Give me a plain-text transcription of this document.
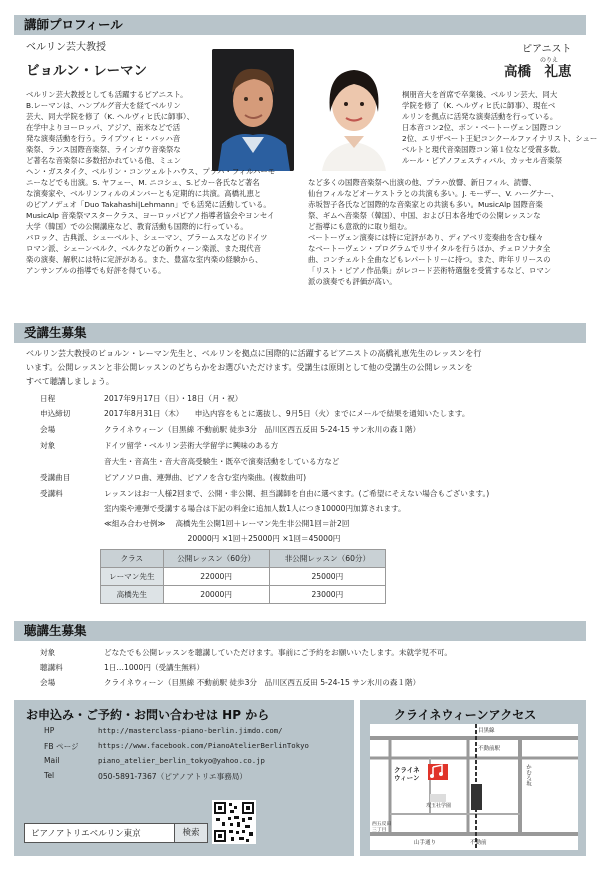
講師プロフィール
ベルリン芸大教授
ビョルン・レーマン
ベルリン芸大教授としても活躍するピアニスト。
B.レーマンは、ハンブルグ音大を経てベルリン
芸大、同大学院を修了（K. ヘルヴィヒ氏に師事）、
在学中よりヨーロッパ、アジア、南米などで活
発な演奏活動を行う。ライプツィヒ・バッハ音
楽祭、ランス国際音楽祭、ラインガウ音楽祭な
ど著名な音楽祭に多数招かれている他、ミュン
ヘン・ガスタイク、ベルリン・コンツェルトハウス、プラハ・フィルハーモ
ニーなどでも出演。S. ヤフェー、M. ニコシュ、S.ピカー各氏など著名
な演奏家や、ベルリンフィルのメンバーとも定期的に共演。高橋礼恵と
のピアノデュオ「Duo Takahashi|Lehmann」でも活発に活動している。
MusicAlp 音楽祭マスタークラス、ヨーロッパピアノ指導者協会やヨンセイ
大学（韓国）での公開講座など、教育活動も国際的に行っている。
バロック、古典派、シューベルト、シューマン、ブラームスなどのドイツ
ロマン派、シェーンベルク、ベルクなどの新ウィーン楽派、また現代音
楽の演奏、解釈には特に定評がある。また、豊富な室内楽の経験から、
アンサンブルの指導でも好評を得ている。
ピアニスト
のりえ
高橋　礼恵
桐朋音大を首席で卒業後、ベルリン芸大、同大
学院を修了（K. ヘルヴィヒ氏に師事）、現在ベ
ルリンを拠点に活発な演奏活動を行っている。
日本音コン2位、ボン・ベートーヴェン国際コン
2位、エリザベート王妃コンクールファイナリスト、シュー
ベルトと現代音楽国際コン第１位など受賞多数。
ルール・ピアノフェスティバル、カッセル音楽祭
など多くの国際音楽祭へ出演の他、プラハ放響、新日フィル、読響、
仙台フィルなどオーケストラとの共演も多い。J. モーザー、V. ハーグナー、
赤坂智子各氏など国際的な音楽家との共演も多い。MusicAlp 国際音楽
祭、ギムへ音楽祭（韓国）、中国、および日本各地での公開レッスンな
ど指導にも意欲的に取り組む。
ベートーヴェン演奏には特に定評があり、ディアベリ変奏曲を含む様々
なベートーヴェン・プログラムでリサイタルを行うほか、チェロソナタ全
曲、コンチェルト全曲などもレパートリーに持つ。また、昨年リリースの
「リスト・ピアノ作品集」がレコード芸術特選盤を受賞するなど、ロマン
派の演奏でも評価が高い。
受講生募集
ベルリン芸大教授のビョルン・レーマン先生と、ベルリンを拠点に国際的に活躍するピアニストの高橋礼恵先生のレッスンを行
います。公開レッスンと非公開レッスンのどちらかをお選びいただけます。受講生は原則として他の受講生の公開レッスンを
すべて聴講しましょう。
日程	2017年9月17日（日）・18日（月・祝）
申込締切	2017年8月31日（木）　　申込内容をもとに選抜し、9月5日（火）までにメールで結果を通知いたします。
会場	クライネウィーン（目黒線 不動前駅 徒歩3分　品川区西五反田 5-24-15 サン氷川の森１階）
対象	ドイツ留学・ベルリン芸術大学留学に興味のある方
音大生・音高生・音大音高受験生・既卒で演奏活動をしている方など
受講曲目	ピアノソロ曲、連弾曲、ピアノを含む室内楽曲。(複数曲可)
受講料	レッスンはお一人様2回まで、公開・非公開、担当講師を自由に選べます。(ご希望にそえない場合もございます。)
室内楽や連弾で受講する場合は下記の料金に追加人数1人につき10000円加算されます。
≪組み合わせ例≫　 高橋先生公開1回＋レーマン先生非公開1回＝計2回
　　　　　　　　　　　20000円 ×1回＋25000円 ×1回＝45000円
クラス	公開レッスン（60分）	非公開レッスン（60分）
レーマン先生	22000円	25000円
高橋先生	20000円	23000円
聴講生募集
対象	どなたでも公開レッスンを聴講していただけます。事前にご予約をお願いいたします。未就学児不可。
聴講料	1日…1000円（受講生無料）
会場	クライネウィーン（目黒線 不動前駅 徒歩3分　品川区西五反田 5-24-15 サン氷川の森１階）
お申込み・ご予約・お問い合わせは HP から
HP	http://masterclass-piano-berlin.jimdo.com/
FB ページ	https://www.facebook.com/PianoAtelierBerlinTokyo
Mail	piano_atelier_berlin_tokyo@yahoo.co.jp
Tel	050-5891-7367（ピアノアトリエ事務局）
ピアノアトリエベルリン東京	検索
クライネウィーンアクセス
目黒線
不動前駅
クライネ
ウィーン
攻玉社学園
かむろ坂
山手通り	不動前
西五反田
三丁目
